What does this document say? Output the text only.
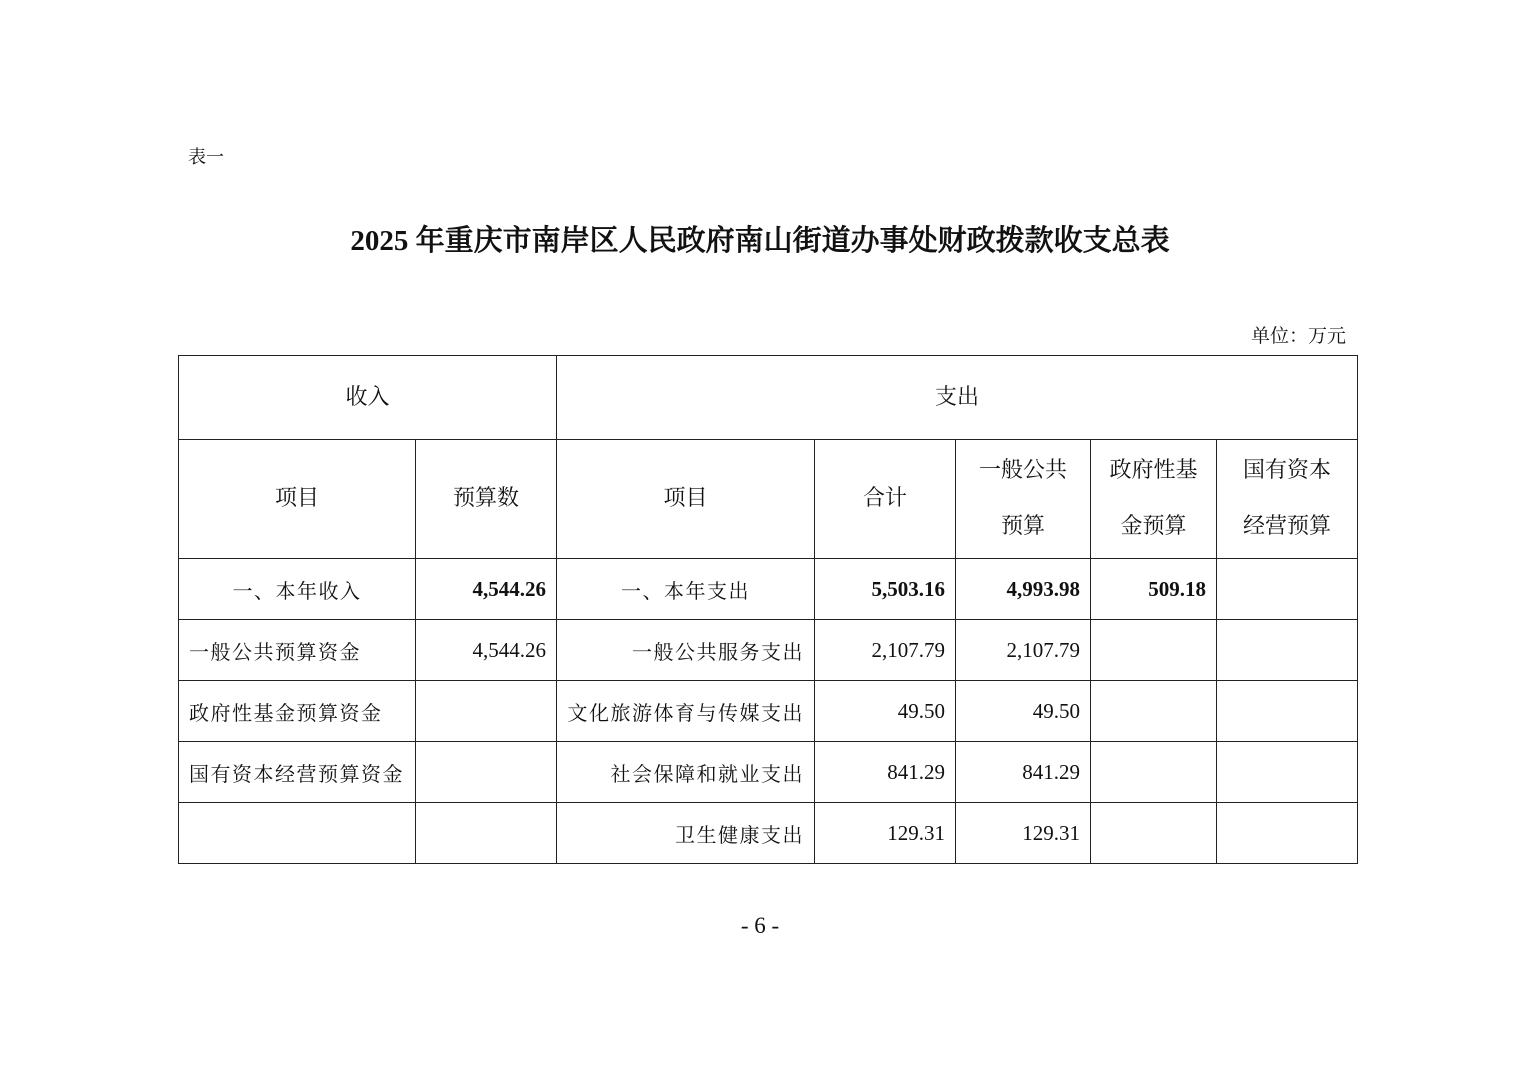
表一
2025 年重庆市南岸区人民政府南山街道办事处财政拨款收支总表
单位：万元
收入		支出				
项目	预算数	项目	合计	一般公共预算	政府性基金预算	国有资本经营预算

一、本年收入	4,544.26	一、本年支出	5,503.16	4,993.98	509.18	
一般公共预算资金	4,544.26	一般公共服务支出	2,107.79	2,107.79		
政府性基金预算资金		文化旅游体育与传媒支出	49.50	49.50		
国有资本经营预算资金		社会保障和就业支出	841.29	841.29		
		卫生健康支出	129.31	129.31		
- 6 -
